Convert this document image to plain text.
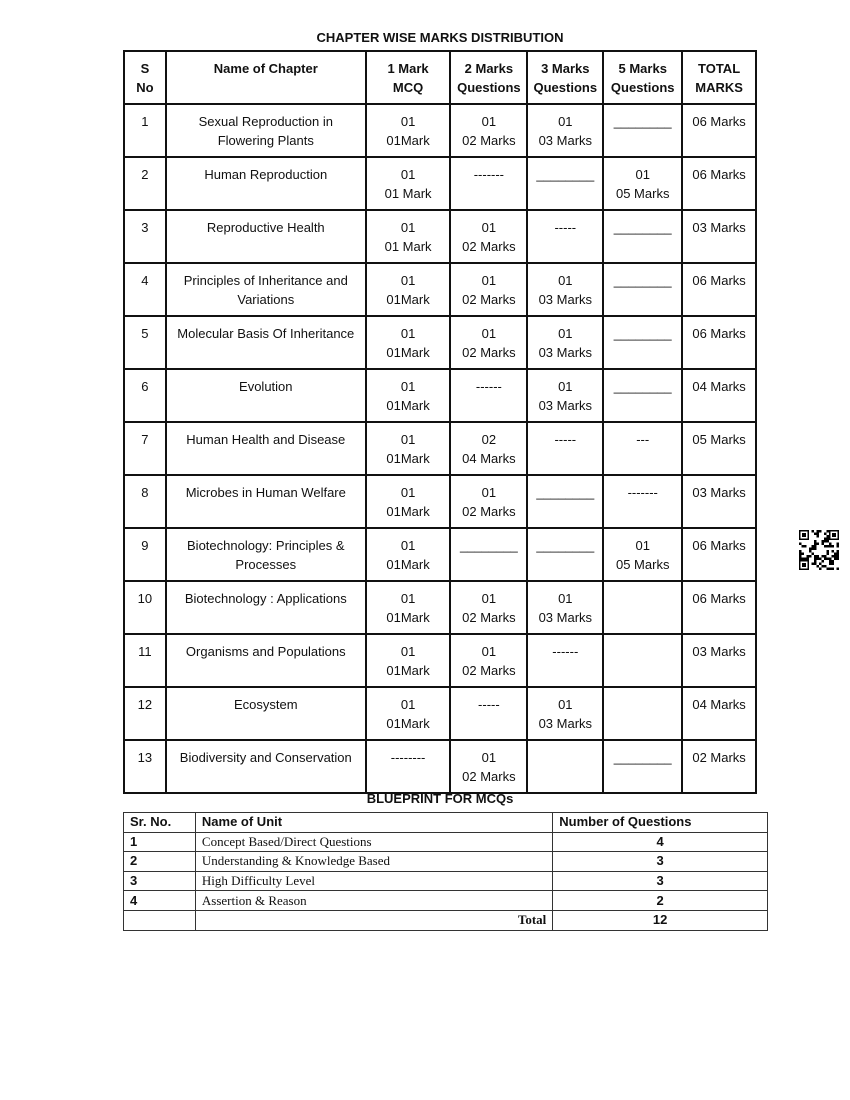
CHAPTER WISE MARKS DISTRIBUTION
S
No	Name of Chapter	1 Mark
MCQ	2 Marks
Questions	3 Marks
Questions	5 Marks
Questions	TOTAL
MARKS
1	Sexual Reproduction in Flowering Plants	01
01Mark	01
02 Marks	01
03 Marks	________	06 Marks
2	Human Reproduction	01
01 Mark	-------	________	01
05 Marks	06 Marks
3	Reproductive Health	01
01 Mark	01
02 Marks	-----	________	03 Marks
4	Principles of Inheritance and Variations	01
01Mark	01
02 Marks	01
03 Marks	________	06 Marks
5	Molecular Basis Of Inheritance	01
01Mark	01
02 Marks	01
03 Marks	________	06 Marks
6	Evolution	01
01Mark	------	01
03 Marks	________	04 Marks
7	Human Health and Disease	01
01Mark	02
04 Marks	-----	---	05 Marks
8	Microbes in Human Welfare	01
01Mark	01
02 Marks	________	-------	03 Marks
9	Biotechnology: Principles & Processes	01
01Mark	________	________	01
05 Marks	06 Marks
10	Biotechnology : Applications	01
01Mark	01
02 Marks	01
03 Marks		06 Marks
11	Organisms and Populations	01
01Mark	01
02 Marks	------		03 Marks
12	Ecosystem	01
01Mark	-----	01
03 Marks		04 Marks
13	Biodiversity and Conservation	--------	01
02 Marks		________	02 Marks
BLUEPRINT FOR MCQs
Sr. No.	Name of Unit	Number of Questions
1	Concept Based/Direct Questions	4
2	Understanding & Knowledge Based	3
3	High Difficulty Level	3
4	Assertion & Reason	2
	Total	12
